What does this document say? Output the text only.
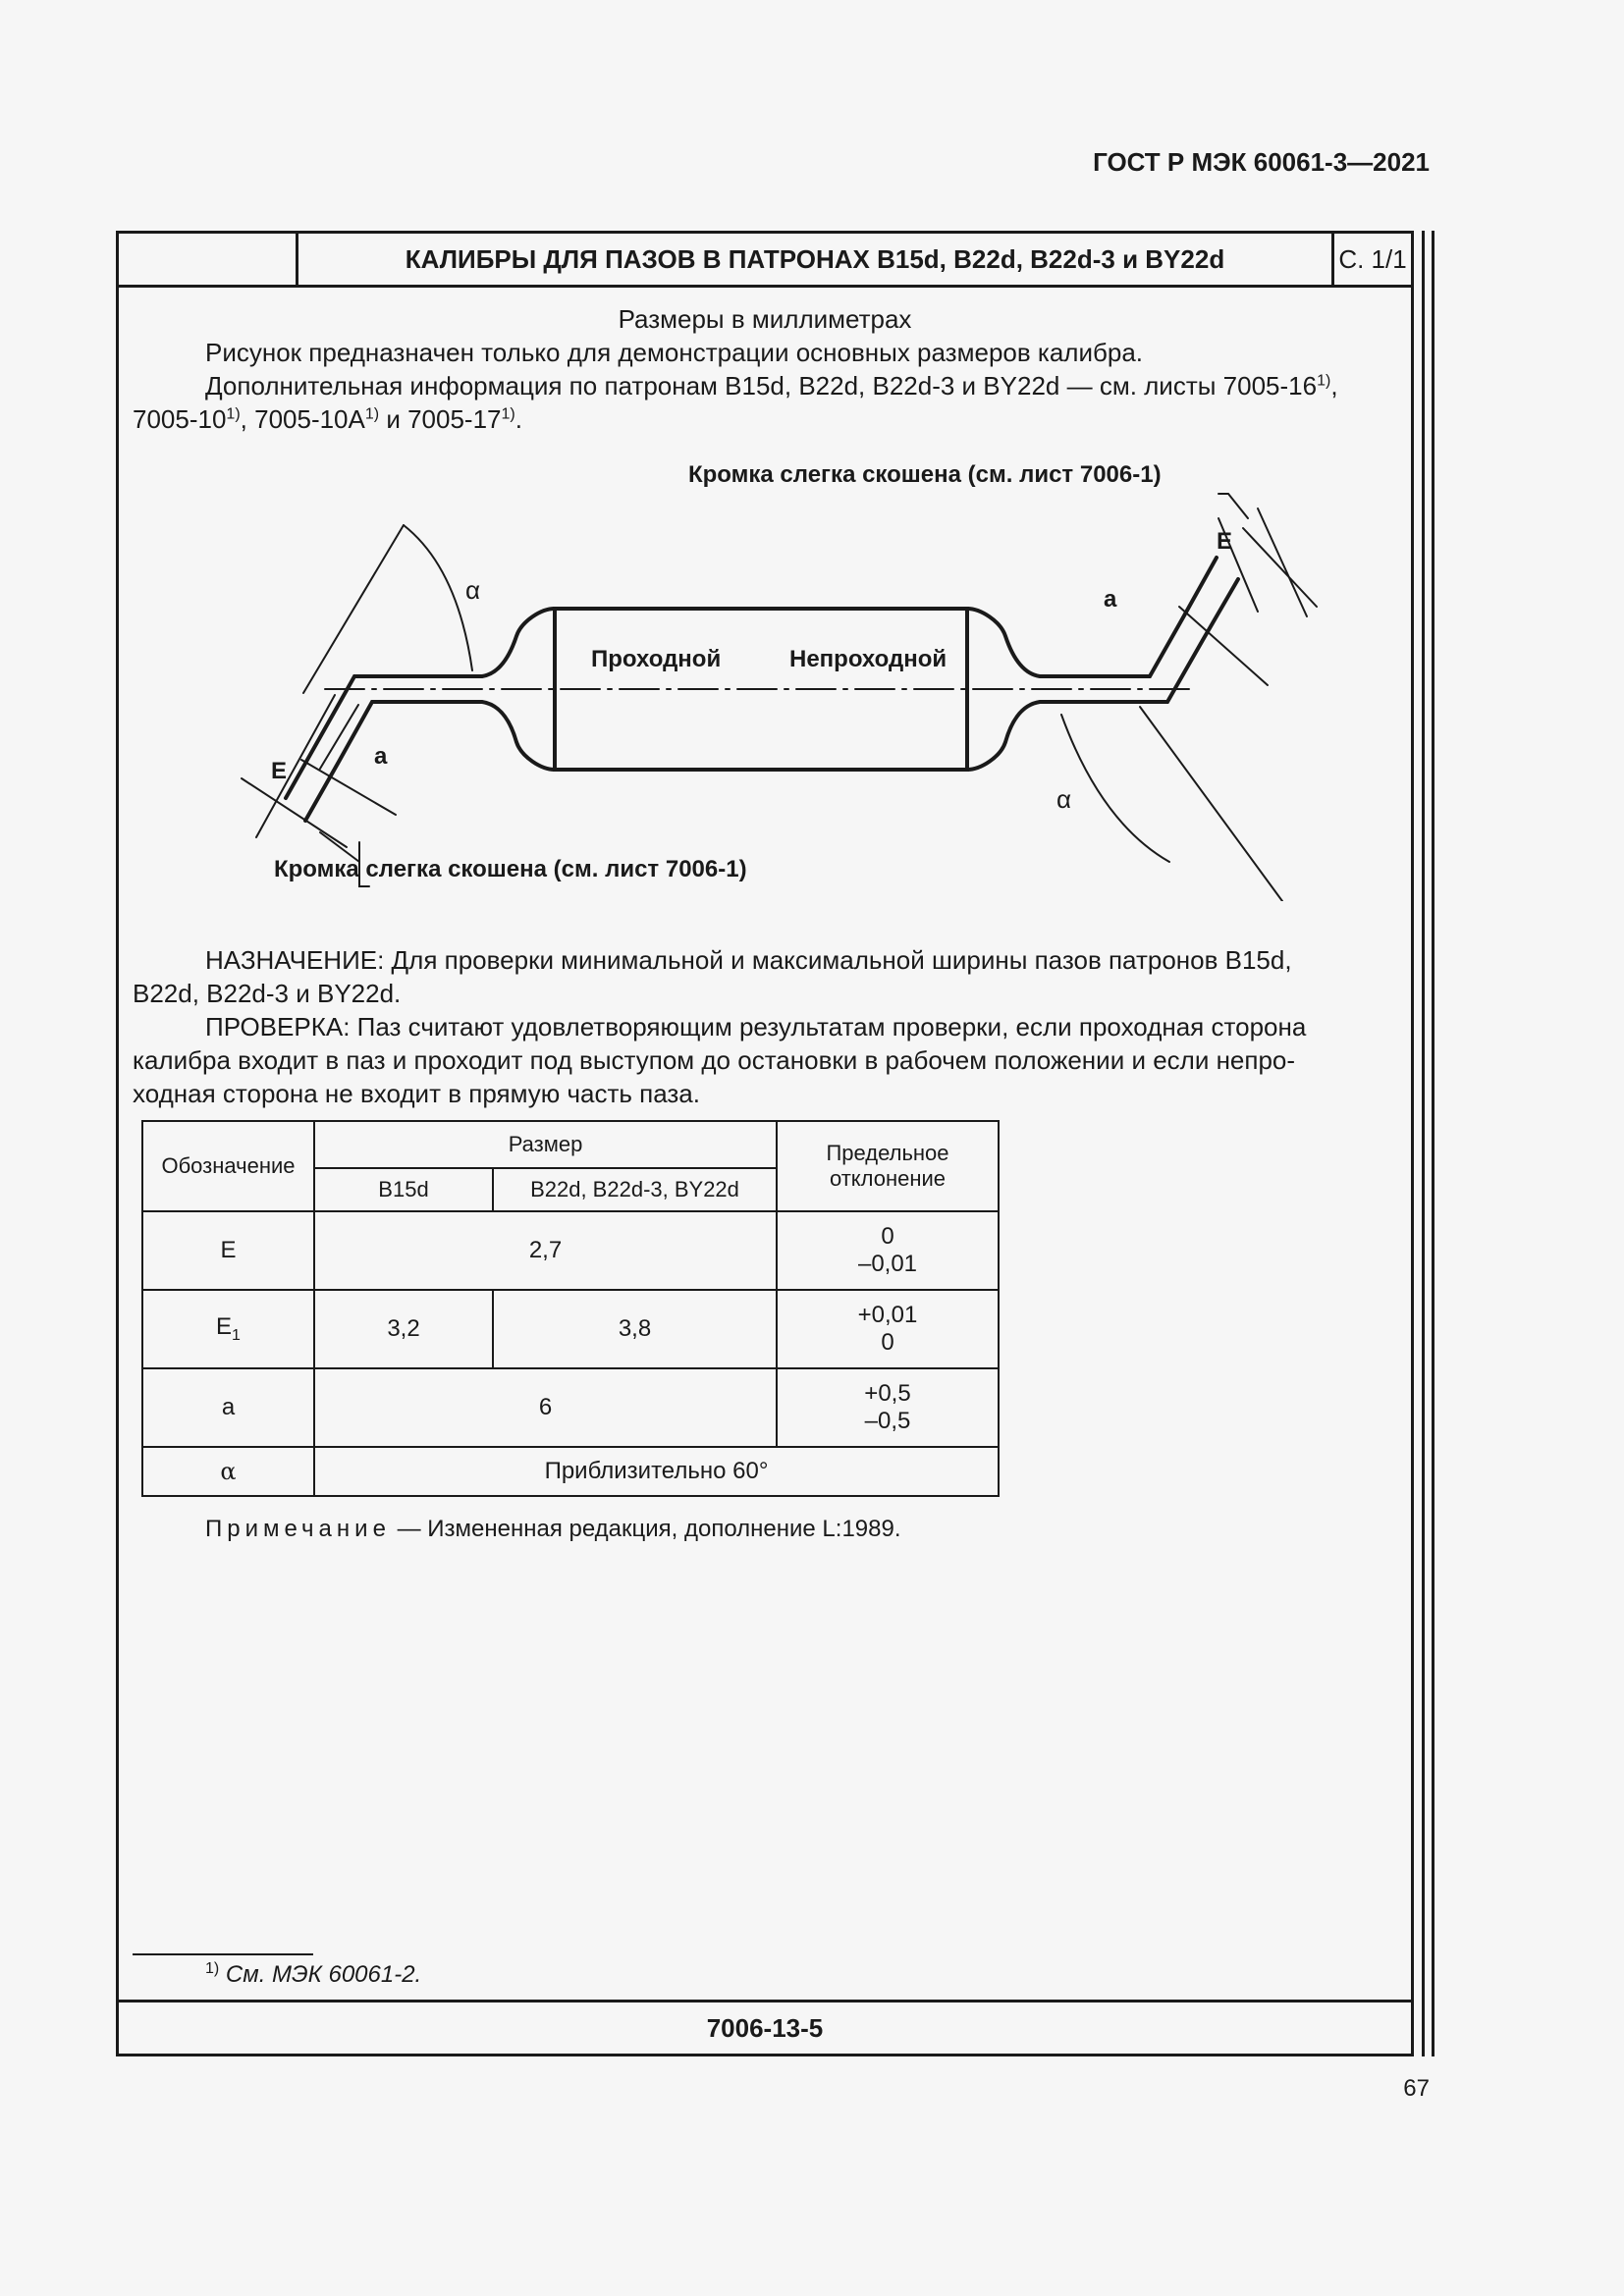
ГОСТ Р МЭК 60061-3—2021
КАЛИБРЫ ДЛЯ ПАЗОВ В ПАТРОНАХ В15d, B22d, B22d-3 и BY22d	С. 1/1
Размеры в миллиметрах
Рисунок предназначен только для демонстрации основных размеров калибра.
Дополнительная информация по патронам B15d, B22d, B22d-3 и BY22d — см. листы 7005-16$^{1)}$,
7005-10$^{1)}$, $7005-10А^{1)}$ и 7005-17$^{1)}$.
Кромка слегка скошена (см. лист 7006-1)
Кромка слегка скошена (см. лист 7006-1)
Проходной	Непроходной
α
α
a
a
E
E
НАЗНАЧЕНИЕ: Для проверки минимальной и максимальной ширины пазов патронов В15d,
B22d, B22d-3 и BY22d.
ПРОВЕРКА: Паз считают удовлетворяющим результатам проверки, если проходная сторона
калибра входит в паз и проходит под выступом до остановки в рабочем положении и если непро-
ходная сторона не входит в прямую часть паза.
Обозначение	Размер		Предельное
отклонение

	B15d	B22d, B22d-3, BY22d	
E	2,7		0
–0,01

$E_1$	3,2	3,8	+0,01
0

a	6		+0,5
–0,5

α	Приблизительно 60°		
Примечание — Измененная редакция, дополнение L:1989.
$^{1)}$ См. МЭК 60061-2.
7006-13-5
67
